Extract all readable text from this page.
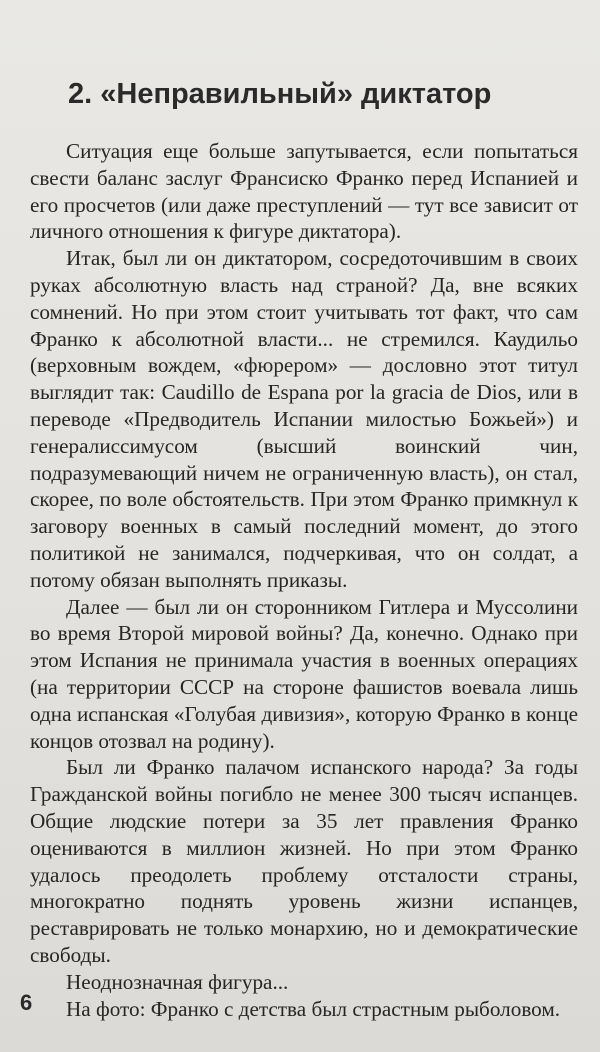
2. «Неправильный» диктатор

Ситуация еще больше запутывается, если попытаться свести баланс заслуг Франсиско Франко перед Испанией и его просчетов (или даже преступлений — тут все зависит от личного отношения к фигуре диктатора).

Итак, был ли он диктатором, сосредоточившим в своих руках абсолютную власть над страной? Да, вне всяких сомнений. Но при этом стоит учитывать тот факт, что сам Франко к абсолютной власти... не стремился. Каудильо (верховным вождем, «фюрером» — дословно этот титул выглядит так: Caudillo de Espana por la gracia de Dios, или в переводе «Предводитель Испании милостью Божьей») и генералиссимусом (высший воинский чин, подразумевающий ничем не ограниченную власть), он стал, скорее, по воле обстоятельств. При этом Франко примкнул к заговору военных в самый последний момент, до этого политикой не занимался, подчеркивая, что он солдат, а потому обязан выполнять приказы.

Далее — был ли он сторонником Гитлера и Муссолини во время Второй мировой войны? Да, конечно. Однако при этом Испания не принимала участия в военных операциях (на территории СССР на стороне фашистов воевала лишь одна испанская «Голубая дивизия», которую Франко в конце концов отозвал на родину).

Был ли Франко палачом испанского народа? За годы Гражданской войны погибло не менее 300 тысяч испанцев. Общие людские потери за 35 лет правления Франко оцениваются в миллион жизней. Но при этом Франко удалось преодолеть проблему отсталости страны, многократно поднять уровень жизни испанцев, реставрировать не только монархию, но и демократические свободы.

Неоднозначная фигура...

На фото: Франко с детства был страстным рыболовом.

6
